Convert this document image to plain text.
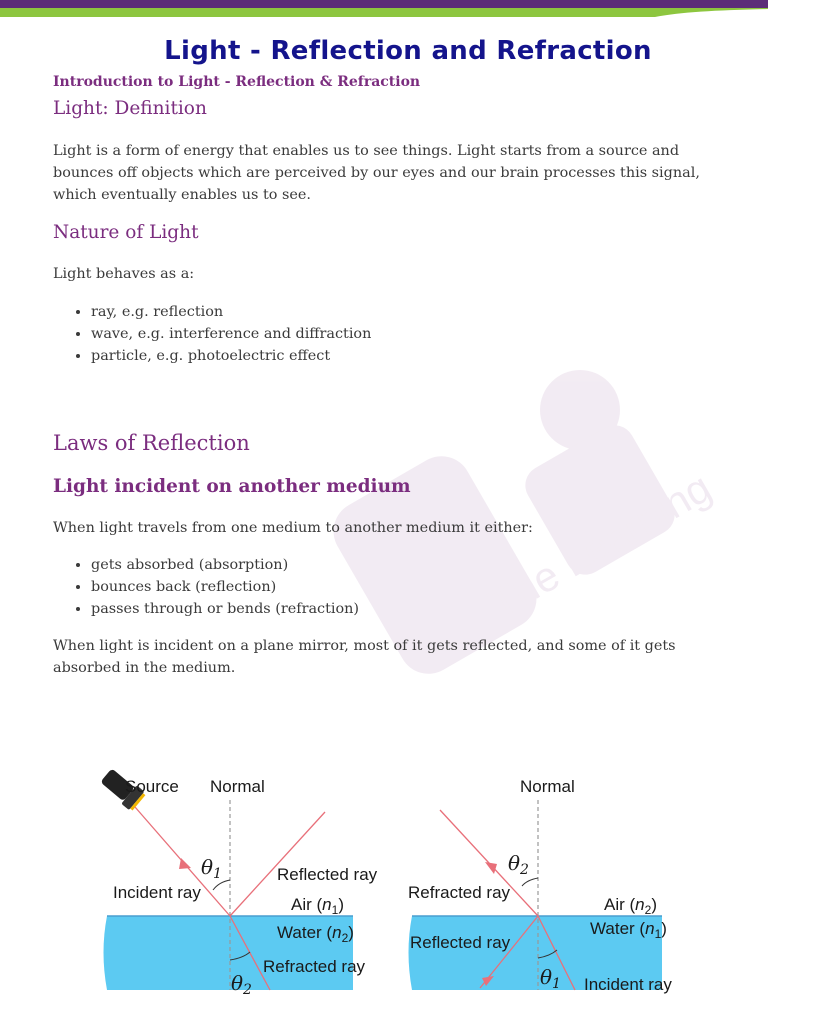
The Learning
Light - Reflection and Refraction
Introduction to Light - Reflection & Refraction
Light: Definition

Light is a form of energy that enables us to see things. Light starts from a source and bounces off objects which are perceived by our eyes and our brain processes this signal, which eventually enables us to see.

Nature of Light

Light behaves as a:

• ray, e.g. reflection
• wave, e.g. interference and diffraction
• particle, e.g. photoelectric effect
Laws of Reflection
Light incident on another medium

When light travels from one medium to another medium it either:

• gets absorbed (absorption)
• bounces back (reflection)
• passes through or bends (refraction)

When light is incident on a plane mirror, most of it gets reflected, and some of it gets absorbed in the medium.

Source Normal
$\theta_1$
Incident ray
Reflected ray
Air $(n_1)$
Water $(n_2)$
Refracted ray
$\theta_2$
Normal
$\theta_2$
Refracted ray
Air $(n_2)$
Water $(n_1)$
Reflected ray
$\theta_1$ Incident ray
